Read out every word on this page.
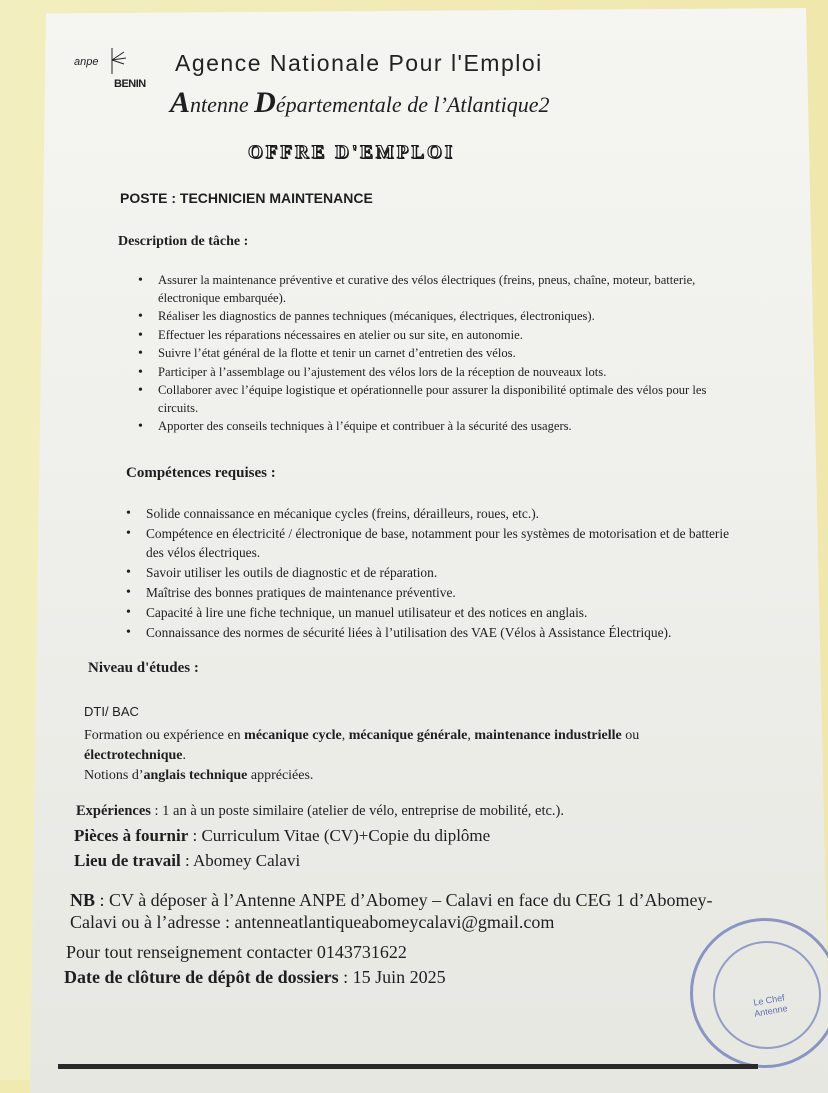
anpe
BENIN
Agence Nationale Pour l'Emploi
Antenne Départementale de l’Atlantique2
OFFRE D'EMPLOI
POSTE : TECHNICIEN MAINTENANCE
Description de tâche :
• Assurer la maintenance préventive et curative des vélos électriques (freins, pneus, chaîne, moteur, batterie, électronique embarquée).
• Réaliser les diagnostics de pannes techniques (mécaniques, électriques, électroniques).
• Effectuer les réparations nécessaires en atelier ou sur site, en autonomie.
• Suivre l’état général de la flotte et tenir un carnet d’entretien des vélos.
• Participer à l’assemblage ou l’ajustement des vélos lors de la réception de nouveaux lots.
• Collaborer avec l’équipe logistique et opérationnelle pour assurer la disponibilité optimale des vélos pour les circuits.
• Apporter des conseils techniques à l’équipe et contribuer à la sécurité des usagers.
Compétences requises :
• Solide connaissance en mécanique cycles (freins, dérailleurs, roues, etc.).
• Compétence en électricité / électronique de base, notamment pour les systèmes de motorisation et de batterie des vélos électriques.
• Savoir utiliser les outils de diagnostic et de réparation.
• Maîtrise des bonnes pratiques de maintenance préventive.
• Capacité à lire une fiche technique, un manuel utilisateur et des notices en anglais.
• Connaissance des normes de sécurité liées à l’utilisation des VAE (Vélos à Assistance Électrique).
Niveau d'études :
DTI/ BAC
Formation ou expérience en mécanique cycle, mécanique générale, maintenance industrielle ou électrotechnique.
Notions d’anglais technique appréciées.
Expériences : 1 an à un poste similaire (atelier de vélo, entreprise de mobilité, etc.).
Pièces à fournir : Curriculum Vitae (CV)+Copie du diplôme
Lieu de travail : Abomey Calavi
NB : CV à déposer à l’Antenne ANPE d’Abomey – Calavi en face du CEG 1 d’Abomey-Calavi ou à l’adresse : antenneatlantiqueabomeycalavi@gmail.com
Pour tout renseignement contacter 0143731622
Date de clôture de dépôt de dossiers : 15 Juin 2025
Le Chef Antenne
